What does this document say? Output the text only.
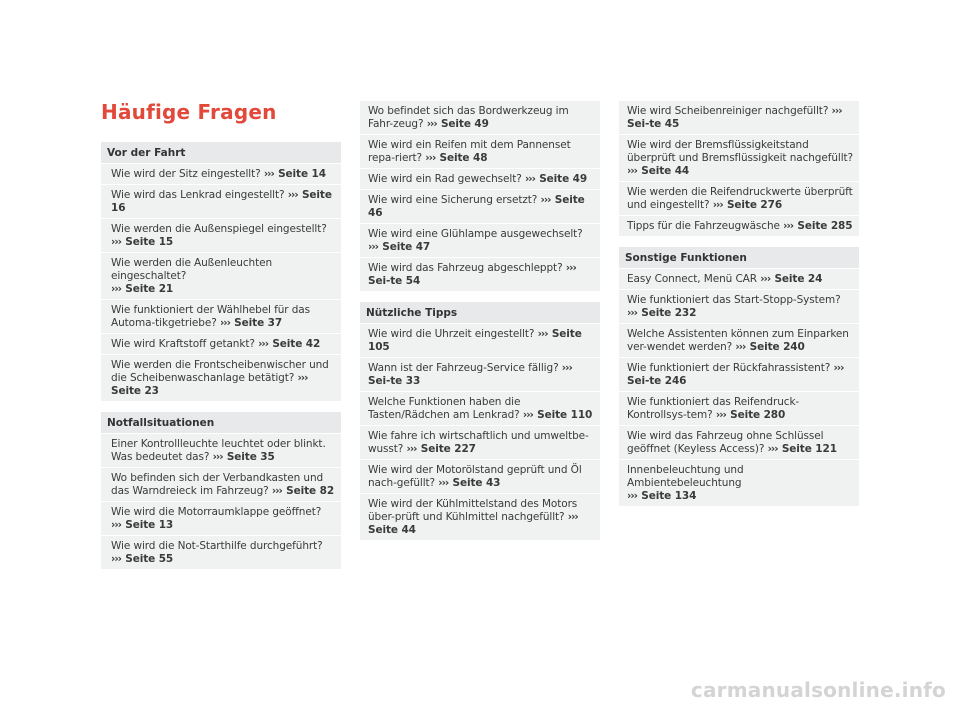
Häufige Fragen
Vor der Fahrt
Wie wird der Sitz eingestellt? ››› Seite 14
Wie wird das Lenkrad eingestellt? ››› Seite 16
Wie werden die Außenspiegel eingestellt?
››› Seite 15
Wie werden die Außenleuchten eingeschaltet?
››› Seite 21
Wie funktioniert der Wählhebel für das Automa-tikgetriebe? ››› Seite 37
Wie wird Kraftstoff getankt? ››› Seite 42
Wie werden die Frontscheibenwischer und die Scheibenwaschanlage betätigt? ››› Seite 23
Notfallsituationen
Einer Kontrollleuchte leuchtet oder blinkt. Was bedeutet das? ››› Seite 35
Wo befinden sich der Verbandkasten und das Warndreieck im Fahrzeug? ››› Seite 82
Wie wird die Motorraumklappe geöffnet?
››› Seite 13
Wie wird die Not-Starthilfe durchgeführt?
››› Seite 55
Wo befindet sich das Bordwerkzeug im Fahr-zeug? ››› Seite 49
Wie wird ein Reifen mit dem Pannenset repa-riert? ››› Seite 48
Wie wird ein Rad gewechselt? ››› Seite 49
Wie wird eine Sicherung ersetzt? ››› Seite 46
Wie wird eine Glühlampe ausgewechselt?
››› Seite 47
Wie wird das Fahrzeug abgeschleppt? ››› Sei-te 54
Nützliche Tipps
Wie wird die Uhrzeit eingestellt? ››› Seite 105
Wann ist der Fahrzeug-Service fällig? ››› Sei-te 33
Welche Funktionen haben die Tasten/Rädchen am Lenkrad? ››› Seite 110
Wie fahre ich wirtschaftlich und umweltbe-wusst? ››› Seite 227
Wie wird der Motorölstand geprüft und Öl nach-gefüllt? ››› Seite 43
Wie wird der Kühlmittelstand des Motors über-prüft und Kühlmittel nachgefüllt? ››› Seite 44
Wie wird Scheibenreiniger nachgefüllt? ››› Sei-te 45
Wie wird der Bremsflüssigkeitstand überprüft und Bremsflüssigkeit nachgefüllt? ››› Seite 44
Wie werden die Reifendruckwerte überprüft und eingestellt? ››› Seite 276
Tipps für die Fahrzeugwäsche ››› Seite 285
Sonstige Funktionen
Easy Connect, Menü CAR ››› Seite 24
Wie funktioniert das Start-Stopp-System?
››› Seite 232
Welche Assistenten können zum Einparken ver-wendet werden? ››› Seite 240
Wie funktioniert der Rückfahrassistent? ››› Sei-te 246
Wie funktioniert das Reifendruck-Kontrollsys-tem? ››› Seite 280
Wie wird das Fahrzeug ohne Schlüssel geöffnet (Keyless Access)? ››› Seite 121
Innenbeleuchtung und Ambientebeleuchtung
››› Seite 134
carmanualsonline.info
